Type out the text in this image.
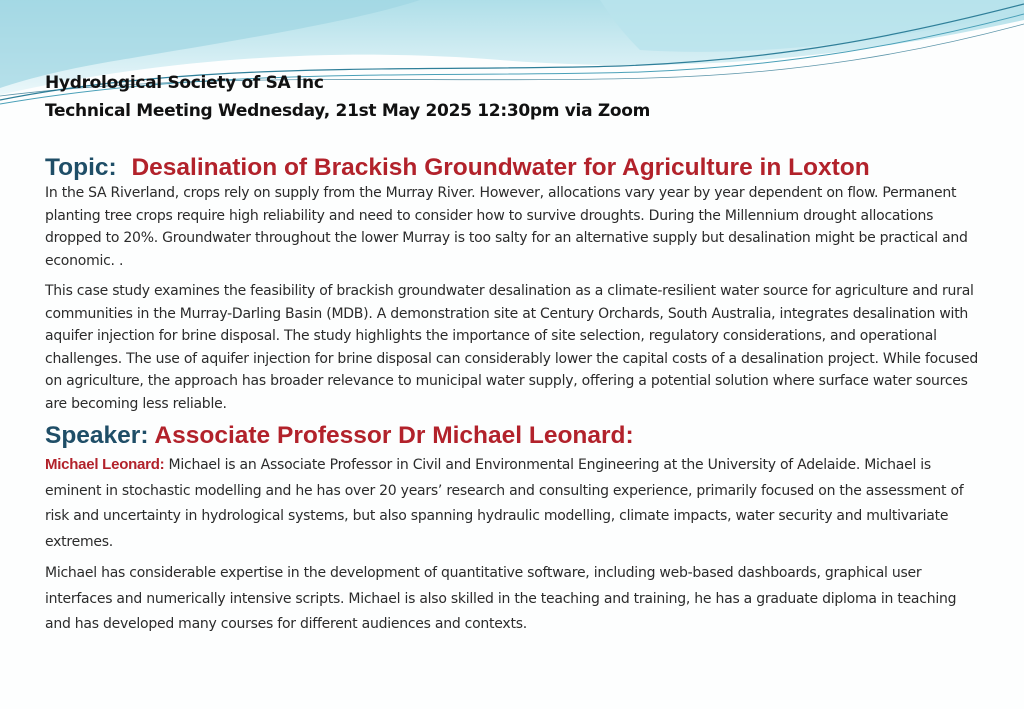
Hydrological Society of SA Inc
Technical Meeting Wednesday, 21st May 2025 12:30pm via Zoom
Topic: Desalination of Brackish Groundwater for Agriculture in Loxton

In the SA Riverland, crops rely on supply from the Murray River. However, allocations vary year by year dependent on flow. Permanent planting tree crops require high reliability and need to consider how to survive droughts. During the Millennium drought allocations dropped to 20%. Groundwater throughout the lower Murray is too salty for an alternative supply but desalination might be practical and economic. .

This case study examines the feasibility of brackish groundwater desalination as a climate-resilient water source for agriculture and rural communities in the Murray-Darling Basin (MDB). A demonstration site at Century Orchards, South Australia, integrates desalination with aquifer injection for brine disposal. The study highlights the importance of site selection, regulatory considerations, and operational challenges. The use of aquifer injection for brine disposal can considerably lower the capital costs of a desalination project. While focused on agriculture, the approach has broader relevance to municipal water supply, offering a potential solution where surface water sources are becoming less reliable.

Speaker: Associate Professor Dr Michael Leonard:

Michael Leonard: Michael is an Associate Professor in Civil and Environmental Engineering at the University of Adelaide. Michael is eminent in stochastic modelling and he has over 20 years’ research and consulting experience, primarily focused on the assessment of risk and uncertainty in hydrological systems, but also spanning hydraulic modelling, climate impacts, water security and multivariate extremes.

Michael has considerable expertise in the development of quantitative software, including web-based dashboards, graphical user interfaces and numerically intensive scripts. Michael is also skilled in the teaching and training, he has a graduate diploma in teaching and has developed many courses for different audiences and contexts.
